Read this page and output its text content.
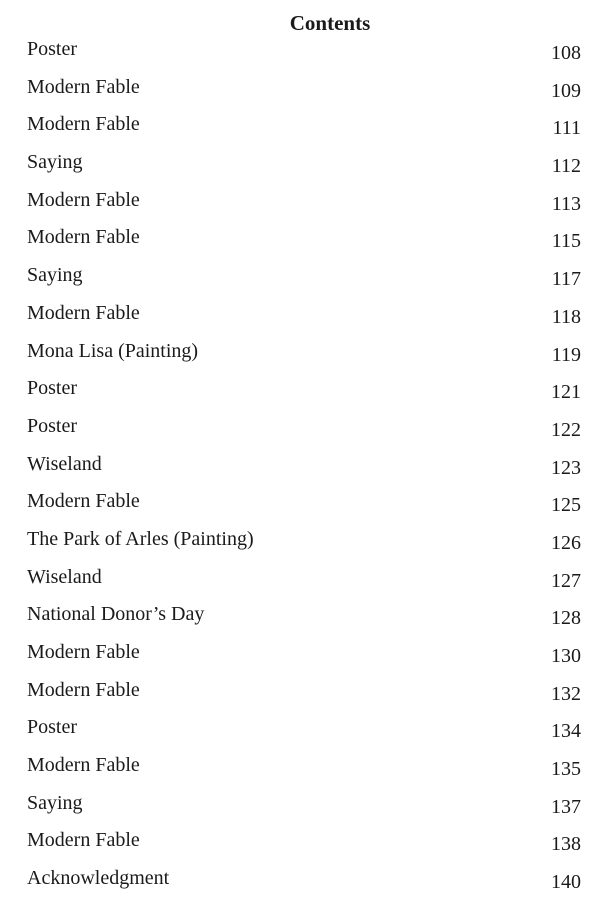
Contents
Poster	108
Modern Fable	109
Modern Fable	111
Saying	112
Modern Fable	113
Modern Fable	115
Saying	117
Modern Fable	118
Mona Lisa (Painting)	119
Poster	121
Poster	122
Wiseland	123
Modern Fable	125
The Park of Arles (Painting)	126
Wiseland	127
National Donor’s Day	128
Modern Fable	130
Modern Fable	132
Poster	134
Modern Fable	135
Saying	137
Modern Fable	138
Acknowledgment	140
